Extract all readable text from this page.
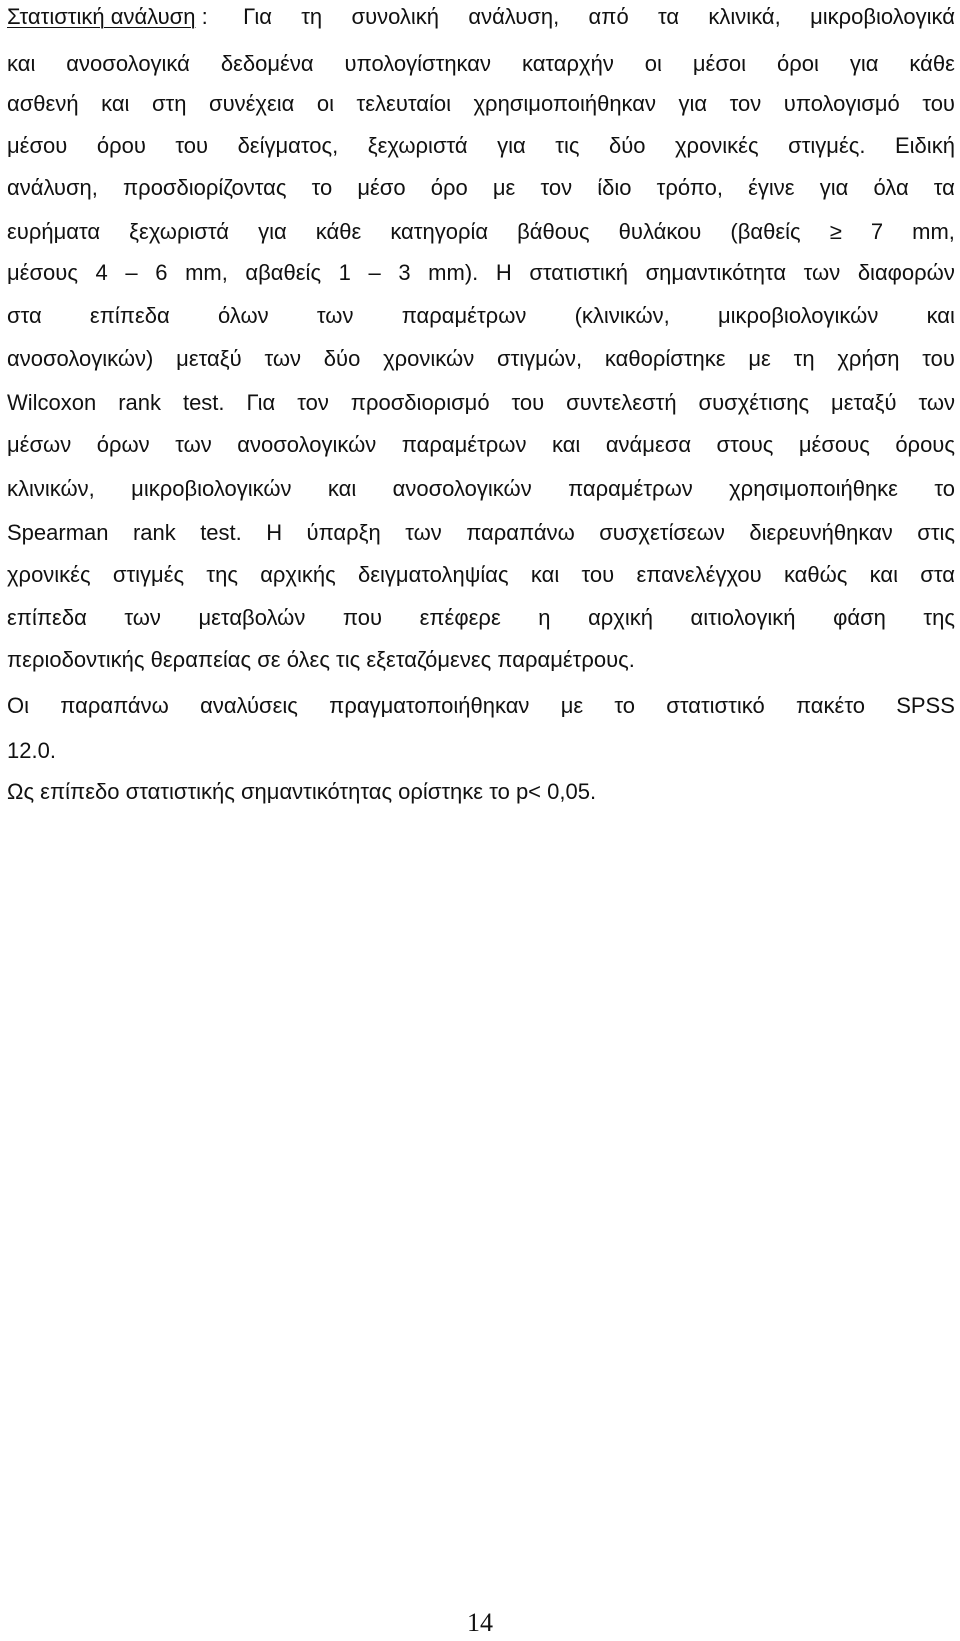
Στατιστική ανάλυση : Για τη συνολική ανάλυση, από τα κλινικά, μικροβιολογικά
και ανοσολογικά δεδομένα υπολογίστηκαν καταρχήν οι μέσοι όροι για κάθε
ασθενή και στη συνέχεια οι τελευταίοι χρησιμοποιήθηκαν για τον υπολογισμό του
μέσου όρου του δείγματος, ξεχωριστά για τις δύο χρονικές στιγμές. Ειδική
ανάλυση, προσδιορίζοντας το μέσο όρο με τον ίδιο τρόπο, έγινε για όλα τα
ευρήματα ξεχωριστά για κάθε κατηγορία βάθους θυλάκου (βαθείς ≥ 7 mm,
μέσους 4 – 6 mm, αβαθείς 1 – 3 mm). Η στατιστική σημαντικότητα των διαφορών
στα επίπεδα όλων των παραμέτρων (κλινικών, μικροβιολογικών και
ανοσολογικών) μεταξύ των δύο χρονικών στιγμών, καθορίστηκε με τη χρήση του
Wilcoxon rank test. Για τον προσδιορισμό του συντελεστή συσχέτισης μεταξύ των
μέσων όρων των ανοσολογικών παραμέτρων και ανάμεσα στους μέσους όρους
κλινικών, μικροβιολογικών και ανοσολογικών παραμέτρων χρησιμοποιήθηκε το
Spearman rank test. Η ύπαρξη των παραπάνω συσχετίσεων διερευνήθηκαν στις
χρονικές στιγμές της αρχικής δειγματοληψίας και του επανελέγχου καθώς και στα
επίπεδα των μεταβολών που επέφερε η αρχική αιτιολογική φάση της
περιοδοντικής θεραπείας σε όλες τις εξεταζόμενες παραμέτρους.
Οι παραπάνω αναλύσεις πραγματοποιήθηκαν με το στατιστικό πακέτο SPSS
12.0.
Ως επίπεδο στατιστικής σημαντικότητας ορίστηκε το p< 0,05.
14
